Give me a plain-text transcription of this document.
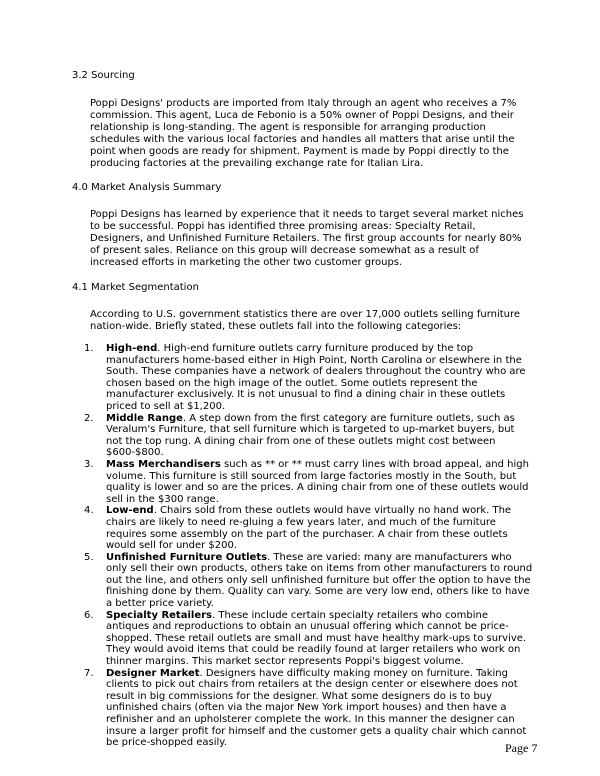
3.2 Sourcing

Poppi Designs' products are imported from Italy through an agent who receives a 7% commission. This agent, Luca de Febonio is a 50% owner of Poppi Designs, and their relationship is long-standing. The agent is responsible for arranging production schedules with the various local factories and handles all matters that arise until the point when goods are ready for shipment. Payment is made by Poppi directly to the producing factories at the prevailing exchange rate for Italian Lira.

4.0 Market Analysis Summary

Poppi Designs has learned by experience that it needs to target several market niches to be successful. Poppi has identified three promising areas: Specialty Retail, Designers, and Unfinished Furniture Retailers. The first group accounts for nearly 80% of present sales. Reliance on this group will decrease somewhat as a result of increased efforts in marketing the other two customer groups.

4.1 Market Segmentation

According to U.S. government statistics there are over 17,000 outlets selling furniture nation-wide. Briefly stated, these outlets fall into the following categories:

1. High-end. High-end furniture outlets carry furniture produced by the top manufacturers home-based either in High Point, North Carolina or elsewhere in the South. These companies have a network of dealers throughout the country who are chosen based on the high image of the outlet. Some outlets represent the manufacturer exclusively. It is not unusual to find a dining chair in these outlets priced to sell at $1,200.
2. Middle Range. A step down from the first category are furniture outlets, such as Veralum's Furniture, that sell furniture which is targeted to up-market buyers, but not the top rung. A dining chair from one of these outlets might cost between $600-$800.
3. Mass Merchandisers such as ** or ** must carry lines with broad appeal, and high volume. This furniture is still sourced from large factories mostly in the South, but quality is lower and so are the prices. A dining chair from one of these outlets would sell in the $300 range.
4. Low-end. Chairs sold from these outlets would have virtually no hand work. The chairs are likely to need re-gluing a few years later, and much of the furniture requires some assembly on the part of the purchaser. A chair from these outlets would sell for under $200.
5. Unfinished Furniture Outlets. These are varied: many are manufacturers who only sell their own products, others take on items from other manufacturers to round out the line, and others only sell unfinished furniture but offer the option to have the finishing done by them. Quality can vary. Some are very low end, others like to have a better price variety.
6. Specialty Retailers. These include certain specialty retailers who combine antiques and reproductions to obtain an unusual offering which cannot be price-shopped. These retail outlets are small and must have healthy mark-ups to survive. They would avoid items that could be readily found at larger retailers who work on thinner margins. This market sector represents Poppi's biggest volume.
7. Designer Market. Designers have difficulty making money on furniture. Taking clients to pick out chairs from retailers at the design center or elsewhere does not result in big commissions for the designer. What some designers do is to buy unfinished chairs (often via the major New York import houses) and then have a refinisher and an upholsterer complete the work. In this manner the designer can insure a larger profit for himself and the customer gets a quality chair which cannot be price-shopped easily.	Page 7
